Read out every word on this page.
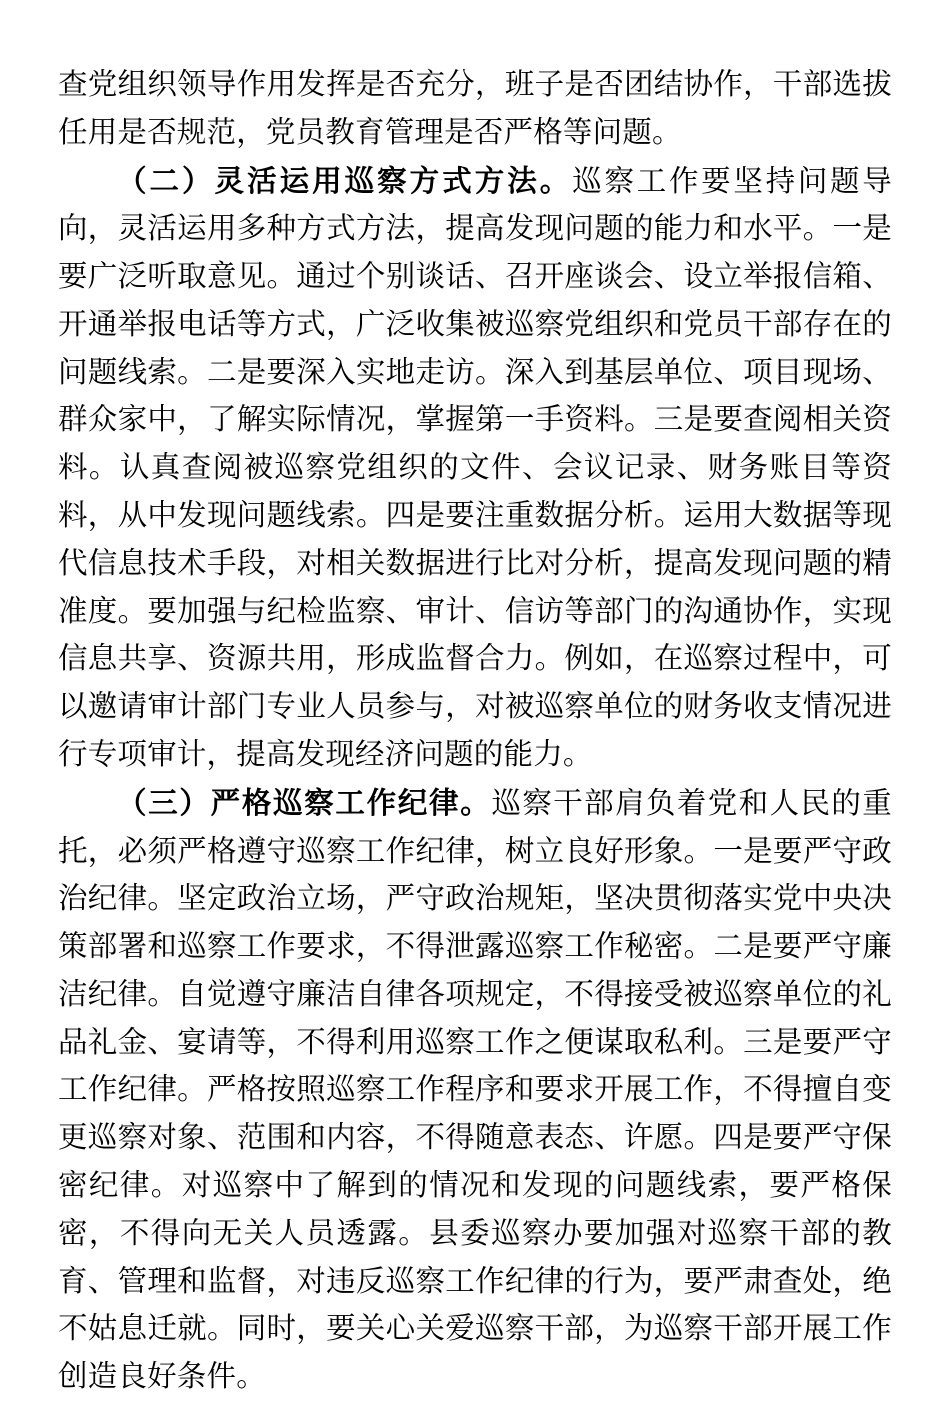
查党组织领导作用发挥是否充分，班子是否团结协作，干部选拔任用是否规范，党员教育管理是否严格等问题。

（二）灵活运用巡察方式方法。巡察工作要坚持问题导向，灵活运用多种方式方法，提高发现问题的能力和水平。一是要广泛听取意见。通过个别谈话、召开座谈会、设立举报信箱、开通举报电话等方式，广泛收集被巡察党组织和党员干部存在的问题线索。二是要深入实地走访。深入到基层单位、项目现场、群众家中，了解实际情况，掌握第一手资料。三是要查阅相关资料。认真查阅被巡察党组织的文件、会议记录、财务账目等资料，从中发现问题线索。四是要注重数据分析。运用大数据等现代信息技术手段，对相关数据进行比对分析，提高发现问题的精准度。要加强与纪检监察、审计、信访等部门的沟通协作，实现信息共享、资源共用，形成监督合力。例如，在巡察过程中，可以邀请审计部门专业人员参与，对被巡察单位的财务收支情况进行专项审计，提高发现经济问题的能力。

（三）严格巡察工作纪律。巡察干部肩负着党和人民的重托，必须严格遵守巡察工作纪律，树立良好形象。一是要严守政治纪律。坚定政治立场，严守政治规矩，坚决贯彻落实党中央决策部署和巡察工作要求，不得泄露巡察工作秘密。二是要严守廉洁纪律。自觉遵守廉洁自律各项规定，不得接受被巡察单位的礼品礼金、宴请等，不得利用巡察工作之便谋取私利。三是要严守工作纪律。严格按照巡察工作程序和要求开展工作，不得擅自变更巡察对象、范围和内容，不得随意表态、许愿。四是要严守保密纪律。对巡察中了解到的情况和发现的问题线索，要严格保密，不得向无关人员透露。县委巡察办要加强对巡察干部的教育、管理和监督，对违反巡察工作纪律的行为，要严肃查处，绝不姑息迁就。同时，要关心关爱巡察干部，为巡察干部开展工作创造良好条件。
